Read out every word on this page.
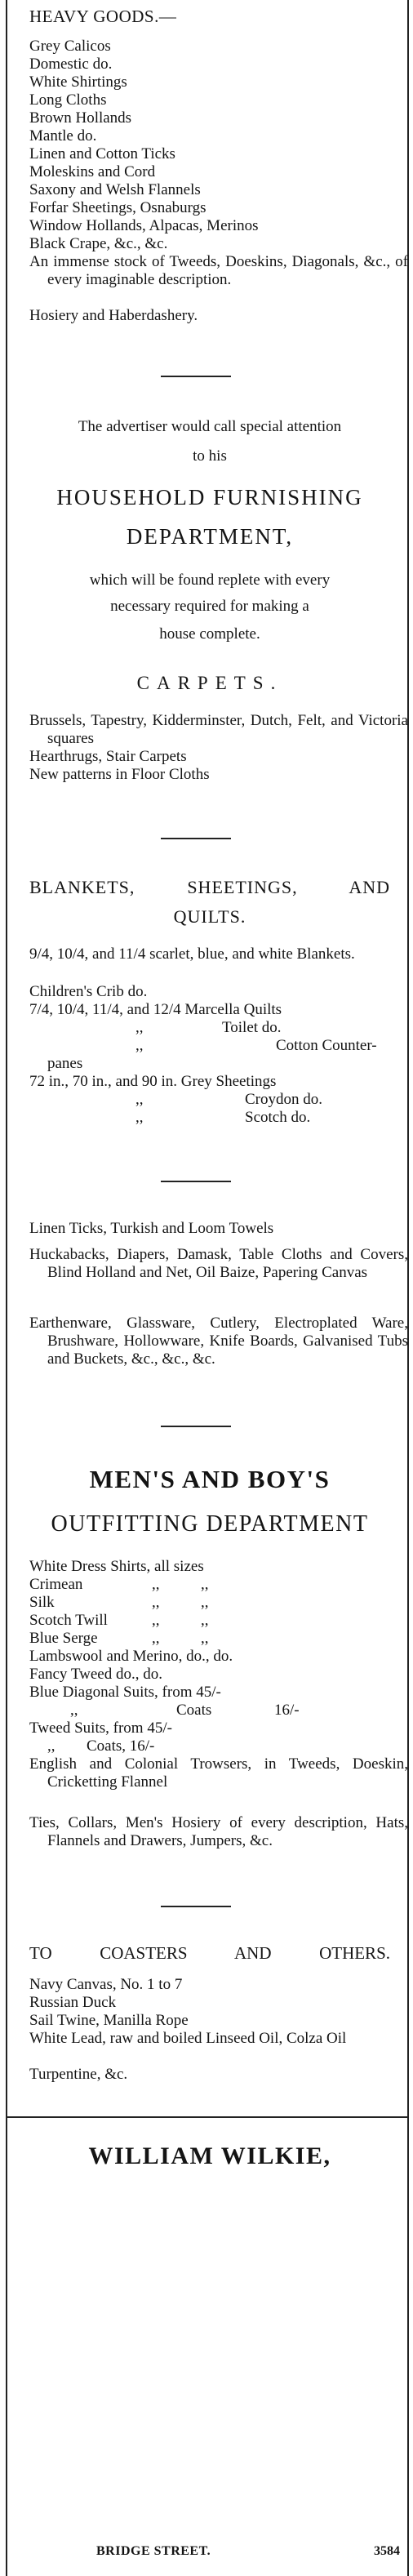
HEAVY GOODS.—
Grey Calicos
Domestic do.
White Shirtings
Long Cloths
Brown Hollands
Mantle do.
Linen and Cotton Ticks
Moleskins and Cord
Saxony and Welsh Flannels
Forfar Sheetings, Osnaburgs
Window Hollands, Alpacas, Merinos
Black Crape, &c., &c.
An immense stock of Tweeds, Doeskins, Diagonals, &c., of every imaginable description.
Hosiery and Haberdashery.
The advertiser would call special attention
to his
HOUSEHOLD FURNISHING
DEPARTMENT,
which will be found replete with every
necessary required for making a
house complete.
CARPETS.
Brussels, Tapestry, Kidderminster, Dutch, Felt, and Victoria squares
Hearthrugs, Stair Carpets
New patterns in Floor Cloths
BLANKETS, SHEETINGS, AND
QUILTS.
9/4, 10/4, and 11/4 scarlet, blue, and white Blankets.
Children's Crib do.
7/4, 10/4, 11/4, and 12/4 Marcella Quilts
,,	Toilet do.
,,	Cotton Counter-
panes
72 in., 70 in., and 90 in. Grey Sheetings
,,	Croydon do.
,,	Scotch do.
Linen Ticks, Turkish and Loom Towels
Huckabacks, Diapers, Damask, Table Cloths and Covers, Blind Holland and Net, Oil Baize, Papering Canvas
Earthenware, Glassware, Cutlery, Electroplated Ware, Brushware, Hollowware, Knife Boards, Galvanised Tubs and Buckets, &c., &c., &c.
MEN'S AND BOY'S
OUTFITTING DEPARTMENT
White Dress Shirts, all sizes
Crimean	,,	,,
Silk	,,	,,
Scotch Twill	,,	,,
Blue Serge	,,	,,
Lambswool and Merino, do., do.
Fancy Tweed do., do.
Blue Diagonal Suits, from 45/-
,,	Coats	16/-
Tweed Suits, from 45/-
,,	Coats, 16/-
English and Colonial Trowsers, in Tweeds, Doeskin, Cricketting Flannel
Ties, Collars, Men's Hosiery of every description, Hats, Flannels and Drawers, Jumpers, &c.
TO COASTERS AND OTHERS.
Navy Canvas, No. 1 to 7
Russian Duck
Sail Twine, Manilla Rope
White Lead, raw and boiled Linseed Oil, Colza Oil
Turpentine, &c.
WILLIAM WILKIE,
BRIDGE STREET.	3584
